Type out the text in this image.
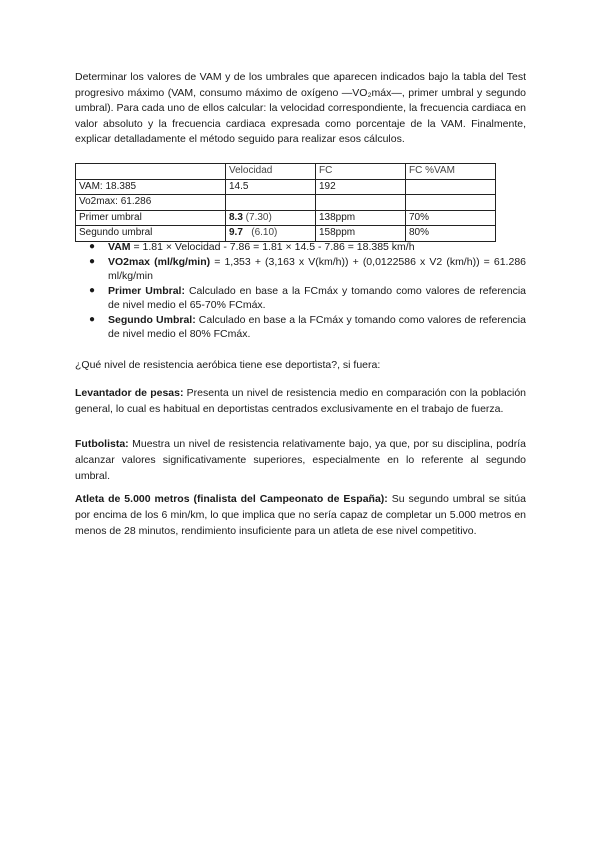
Determinar los valores de VAM y de los umbrales que aparecen indicados bajo la tabla del Test progresivo máximo (VAM, consumo máximo de oxígeno —VO₂máx—, primer umbral y segundo umbral). Para cada uno de ellos calcular: la velocidad correspondiente, la frecuencia cardiaca en valor absoluto y la frecuencia cardiaca expresada como porcentaje de la VAM. Finalmente, explicar detalladamente el método seguido para realizar esos cálculos.

	Velocidad	FC	FC %VAM
VAM: 18.385	14.5	192	
Vo2max: 61.286			
Primer umbral	8.3 (7.30)	138ppm	70%
Segundo umbral	9.7   (6.10)	158ppm	80%
● VAM = 1.81 × Velocidad - 7.86 = 1.81 × 14.5 - 7.86 = 18.385 km/h
● VO2max (ml/kg/min) = 1,353 + (3,163 x V(km/h)) + (0,0122586 x V2 (km/h)) = 61.286 ml/kg/min
● Primer Umbral: Calculado en base a la FCmáx y tomando como valores de referencia de nivel medio el 65-70% FCmáx.
● Segundo Umbral: Calculado en base a la FCmáx y tomando como valores de referencia de nivel medio el 80% FCmáx.

¿Qué nivel de resistencia aeróbica tiene ese deportista?, si fuera:

Levantador de pesas: Presenta un nivel de resistencia medio en comparación con la población general, lo cual es habitual en deportistas centrados exclusivamente en el trabajo de fuerza.

Futbolista: Muestra un nivel de resistencia relativamente bajo, ya que, por su disciplina, podría alcanzar valores significativamente superiores, especialmente en lo referente al segundo umbral.

Atleta de 5.000 metros (finalista del Campeonato de España): Su segundo umbral se sitúa por encima de los 6 min/km, lo que implica que no sería capaz de completar un 5.000 metros en menos de 28 minutos, rendimiento insuficiente para un atleta de ese nivel competitivo.
